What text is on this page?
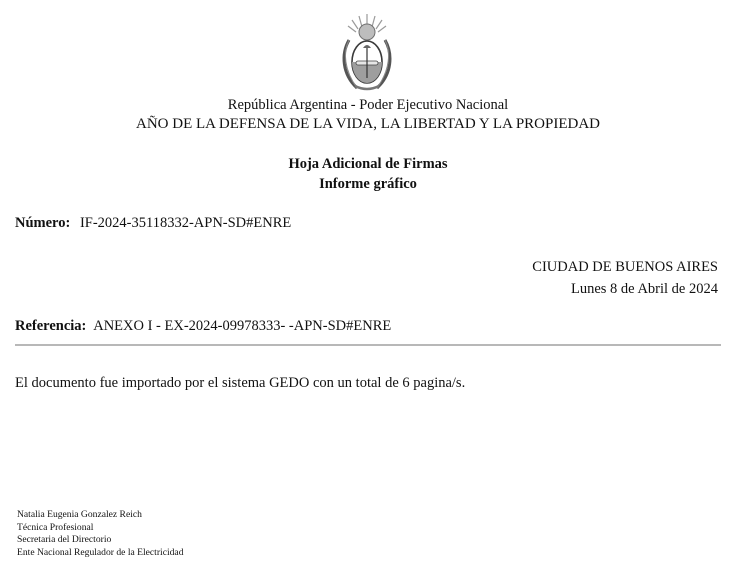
República Argentina - Poder Ejecutivo Nacional
AÑO DE LA DEFENSA DE LA VIDA, LA LIBERTAD Y LA PROPIEDAD
Hoja Adicional de Firmas
Informe gráfico
Número: IF-2024-35118332-APN-SD#ENRE
CIUDAD DE BUENOS AIRES
Lunes 8 de Abril de 2024
Referencia: ANEXO I - EX-2024-09978333- -APN-SD#ENRE
El documento fue importado por el sistema GEDO con un total de 6 pagina/s.
Natalia Eugenia Gonzalez Reich
Técnica Profesional
Secretaria del Directorio
Ente Nacional Regulador de la Electricidad
